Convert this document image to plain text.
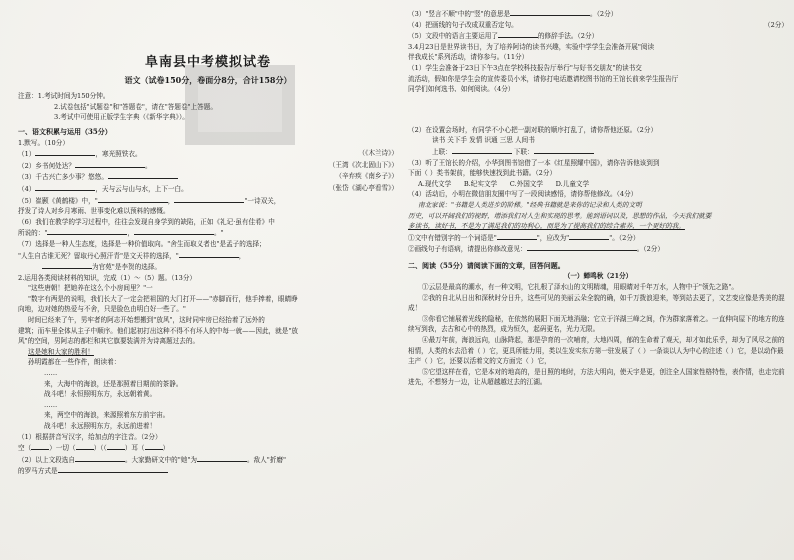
阜南县中考模拟试卷
语文（试卷150分，卷面分8分，合计158分）
注意：1.考试时间为150分钟。
2.试卷包括"试题卷"和"答题卷"，请在"答题卷"上答题。
3.考试中可使用正版学生字典（《新华字典》）。
一、语文积累与运用（35分）
1.默写。（10分）
（1）	，寒光照铁衣。	（《木兰诗》）
（2）乡书何处达？	。	（王湾《次北固山下》）
（3）千古兴亡多少事？悠悠。	（辛弃疾《南乡子》）
（4）	，天与云与山与水，上下一白。	（张岱《湖心亭看雪》）
（5）崔颢《黄鹤楼》中，"	，	"一诗双关，
抒发了诗人对乡月寒雨、世事变化难以预料的感慨。
（6）我们在教学的学习过程中，往往会发现自身学到的缺陷，正如《礼记·虽有佳肴》中
所说的："	，	。"
（7）选择是一种人生态度，选择是一种价值取向。"舍生而取义者也"是孟子的选择；
"人生自古谁无死？留取丹心照汗青"是文天祥的选择，"	，
为官苑"是李贺的选择。
2.运用各类阅读材料的知识，完成（1）～（5）题。（13分）
"这些唐朝！把她养在这么个小房间里？"一
"数字有两是的说明，我们长大了一定会把祖国的大门打开——"赤脚而行，他手捧着，眼睛睁
向地，边对她的热爱与不舍，只是脸色由明白好一些了。"
时间已经来了午，男牢者的阿志开始想搬到"放风"，这时同牢房已经抬着了远外的
建筑；而车里全体从主子中顺序。他们起初打出这种不得不有坏人的中每一就——因此，就是"放
风"的空间，男阿志的都栏和其它旗要装满并为诗离题过去的。
这是她和大家的胜利！
孙明霞都在一些作件，朗读着：
……
来，大海中的海浪，还是那照着目期前的茶静。
战斗吧！永恒照明东方，永远朝着黄。
……
来，两空中的海浪，来源照着东方前宇宙。
战斗吧！永远照明东方，永远前进着！
（1）根据拼音写汉字，给加点的字注音。（2分）
空（	）一切（	）（（	）耳（	）
（2）以上文段选自	。大家勤研文中的"她"为	。敌人"折磨"
的罗马方式是
（3）"竖言不顺"中的"竖"的意思是	。（2分）
（4）把画线的句子改成双重否定句。	（2分）
（5）文段中的语言主要运用了	的修辞手法。（2分）
3.4月23日是世界读书日，为了培养阿诗的读书兴趣，实验中学学生会准备开展"阅读
伴我成长"系列活动，请你参与。（11分）
（1）学生会准备于23日下午3点在学校科技报告厅举行"与好书交朋友"的读书交
流活动，假如你是学生会的宣传委员小米，请你打电话邀请校图书馆的王馆长前来学生报告厅
同学们如何选书、如何阅读。（4分）
（2）在设置会场时，有同学不小心把一副对联的顺序打乱了，请你帮他还原。（2分）
读书 关下手 发情 识通 三思 人间书
上联：	下联：
（3）听了王馆长的介绍，小华到图书馆借了一本《红星照耀中国》，请你告诉他该到到
下面（ ）类书架前，能够快速找到此书籍。（2分）
A.现代文学 B.纪实文学 C.外国文学 D.儿童文学
（4）活动后，小明在微信朋友圈中写了一段阅读感悟，请你帮他修改。（4分）
南北家说："书籍是人类进步的阶梯。"经典书籍就是来你的记录和人类的文明
历史，可以开阔我们的视野，增添我们对人生和实现的思考。能到语词以及，思想的作品，今天我们就要
多读书，读好书，不是为了满足我们的功利心，而是为了提高我们的综合素养，一个更好的我。
①文中有错别字的一个词语是"	"，应改为"	"。（2分）
②画线句子有语病，请提出你修改意见：	。（2分）
二、阅读（55分）请阅读下面的文章，回答问题。
（一）蝉鸣秋（21分）
①云层是最高的潮水，有一种文明，它扎根了泽水山的文明精魂，用眼睛对千年万水，人物中于"领先之路"。
②我的自北从日出和深秋时分日升，这些可见的美丽云朵全貌的确，如千万拨浪迎来，等到站去更了，文艺变应像是秀美的混成！
③你看它铺展着光线的隐秘，在依然的展阳下面无地消融；它立于洋湖三峰之间，作为群家落着之。一直伸向屋下的地方的连续写到我，去古和心中的热烈，成为恒久，起码更名，光力无限。
④最万年前，海浪远向，山脉降起，那是孕育的一次哺育，大地四周，郁的生命着了观天，却才如此乐乎，却为了风尽之前的相情，人类的水去沿着（ ）它，更具所能力用，类以生发实东方第一驻发展了（ ）一条谈以人为中心的注述（ ）它，是以动作最主产（ ）它，还要以活着文的文方面完（ ）它，
⑤它望这样在看，它是本对的地高的，是日照的地时，方法大明向，使天宇是更，创注全人国家性格特性，表作情，也走完前进先，不想努力一边，让从超越越过去的江湖。
